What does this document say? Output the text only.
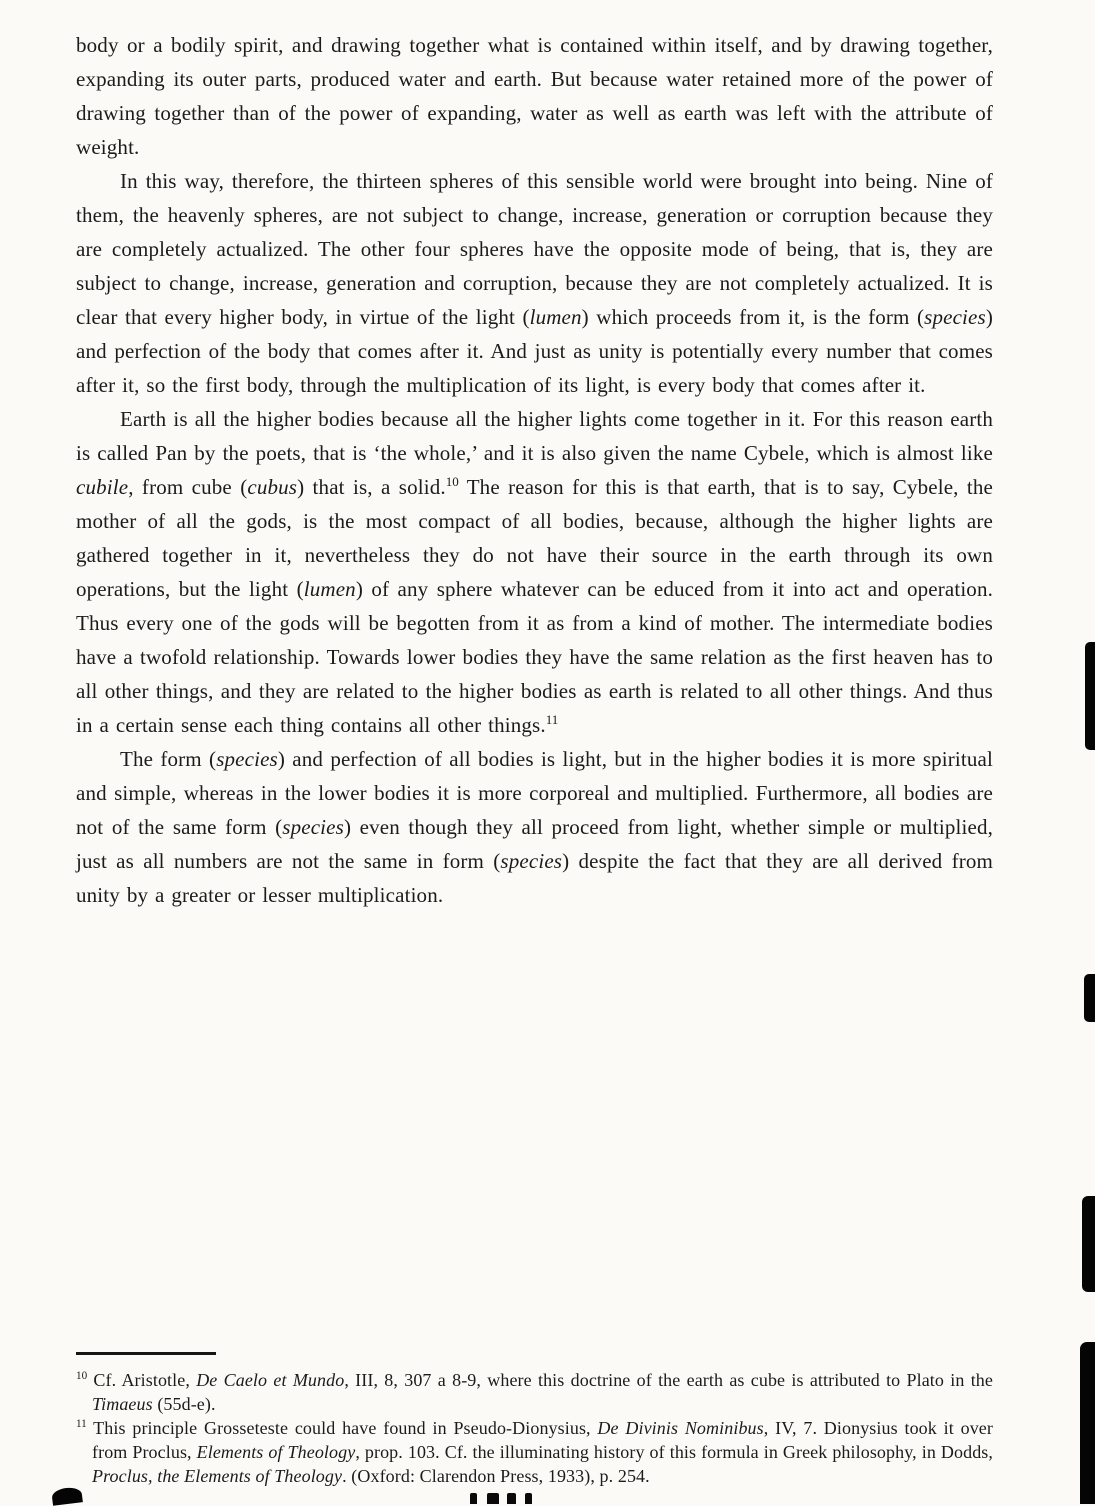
body or a bodily spirit, and drawing together what is contained within itself, and by drawing together, expanding its outer parts, produced water and earth. But because water retained more of the power of drawing together than of the power of expanding, water as well as earth was left with the attribute of weight.

In this way, therefore, the thirteen spheres of this sensible world were brought into being. Nine of them, the heavenly spheres, are not subject to change, increase, generation or corruption because they are completely actualized. The other four spheres have the opposite mode of being, that is, they are subject to change, increase, generation and corruption, because they are not completely actualized. It is clear that every higher body, in virtue of the light (lumen) which proceeds from it, is the form (species) and perfection of the body that comes after it. And just as unity is potentially every number that comes after it, so the first body, through the multiplication of its light, is every body that comes after it.

Earth is all the higher bodies because all the higher lights come together in it. For this reason earth is called Pan by the poets, that is ‘the whole,’ and it is also given the name Cybele, which is almost like cubile, from cube (cubus) that is, a solid.$^{10}$ The reason for this is that earth, that is to say, Cybele, the mother of all the gods, is the most compact of all bodies, because, although the higher lights are gathered together in it, nevertheless they do not have their source in the earth through its own operations, but the light (lumen) of any sphere whatever can be educed from it into act and operation. Thus every one of the gods will be begotten from it as from a kind of mother. The intermediate bodies have a twofold relationship. Towards lower bodies they have the same relation as the first heaven has to all other things, and they are related to the higher bodies as earth is related to all other things. And thus in a certain sense each thing contains all other things.$^{11}$

The form (species) and perfection of all bodies is light, but in the higher bodies it is more spiritual and simple, whereas in the lower bodies it is more corporeal and multiplied. Furthermore, all bodies are not of the same form (species) even though they all proceed from light, whether simple or multiplied, just as all numbers are not the same in form (species) despite the fact that they are all derived from unity by a greater or lesser multiplication.

$^{10}$ Cf. Aristotle, De Caelo et Mundo, III, 8, 307 a 8-9, where this doctrine of the earth as cube is attributed to Plato in the Timaeus (55d-e).

$^{11}$ This principle Grosseteste could have found in Pseudo-Dionysius, De Divinis Nominibus, IV, 7. Dionysius took it over from Proclus, Elements of Theology, prop. 103. Cf. the illuminating history of this formula in Greek philosophy, in Dodds, Proclus, the Elements of Theology. (Oxford: Clarendon Press, 1933), p. 254.
